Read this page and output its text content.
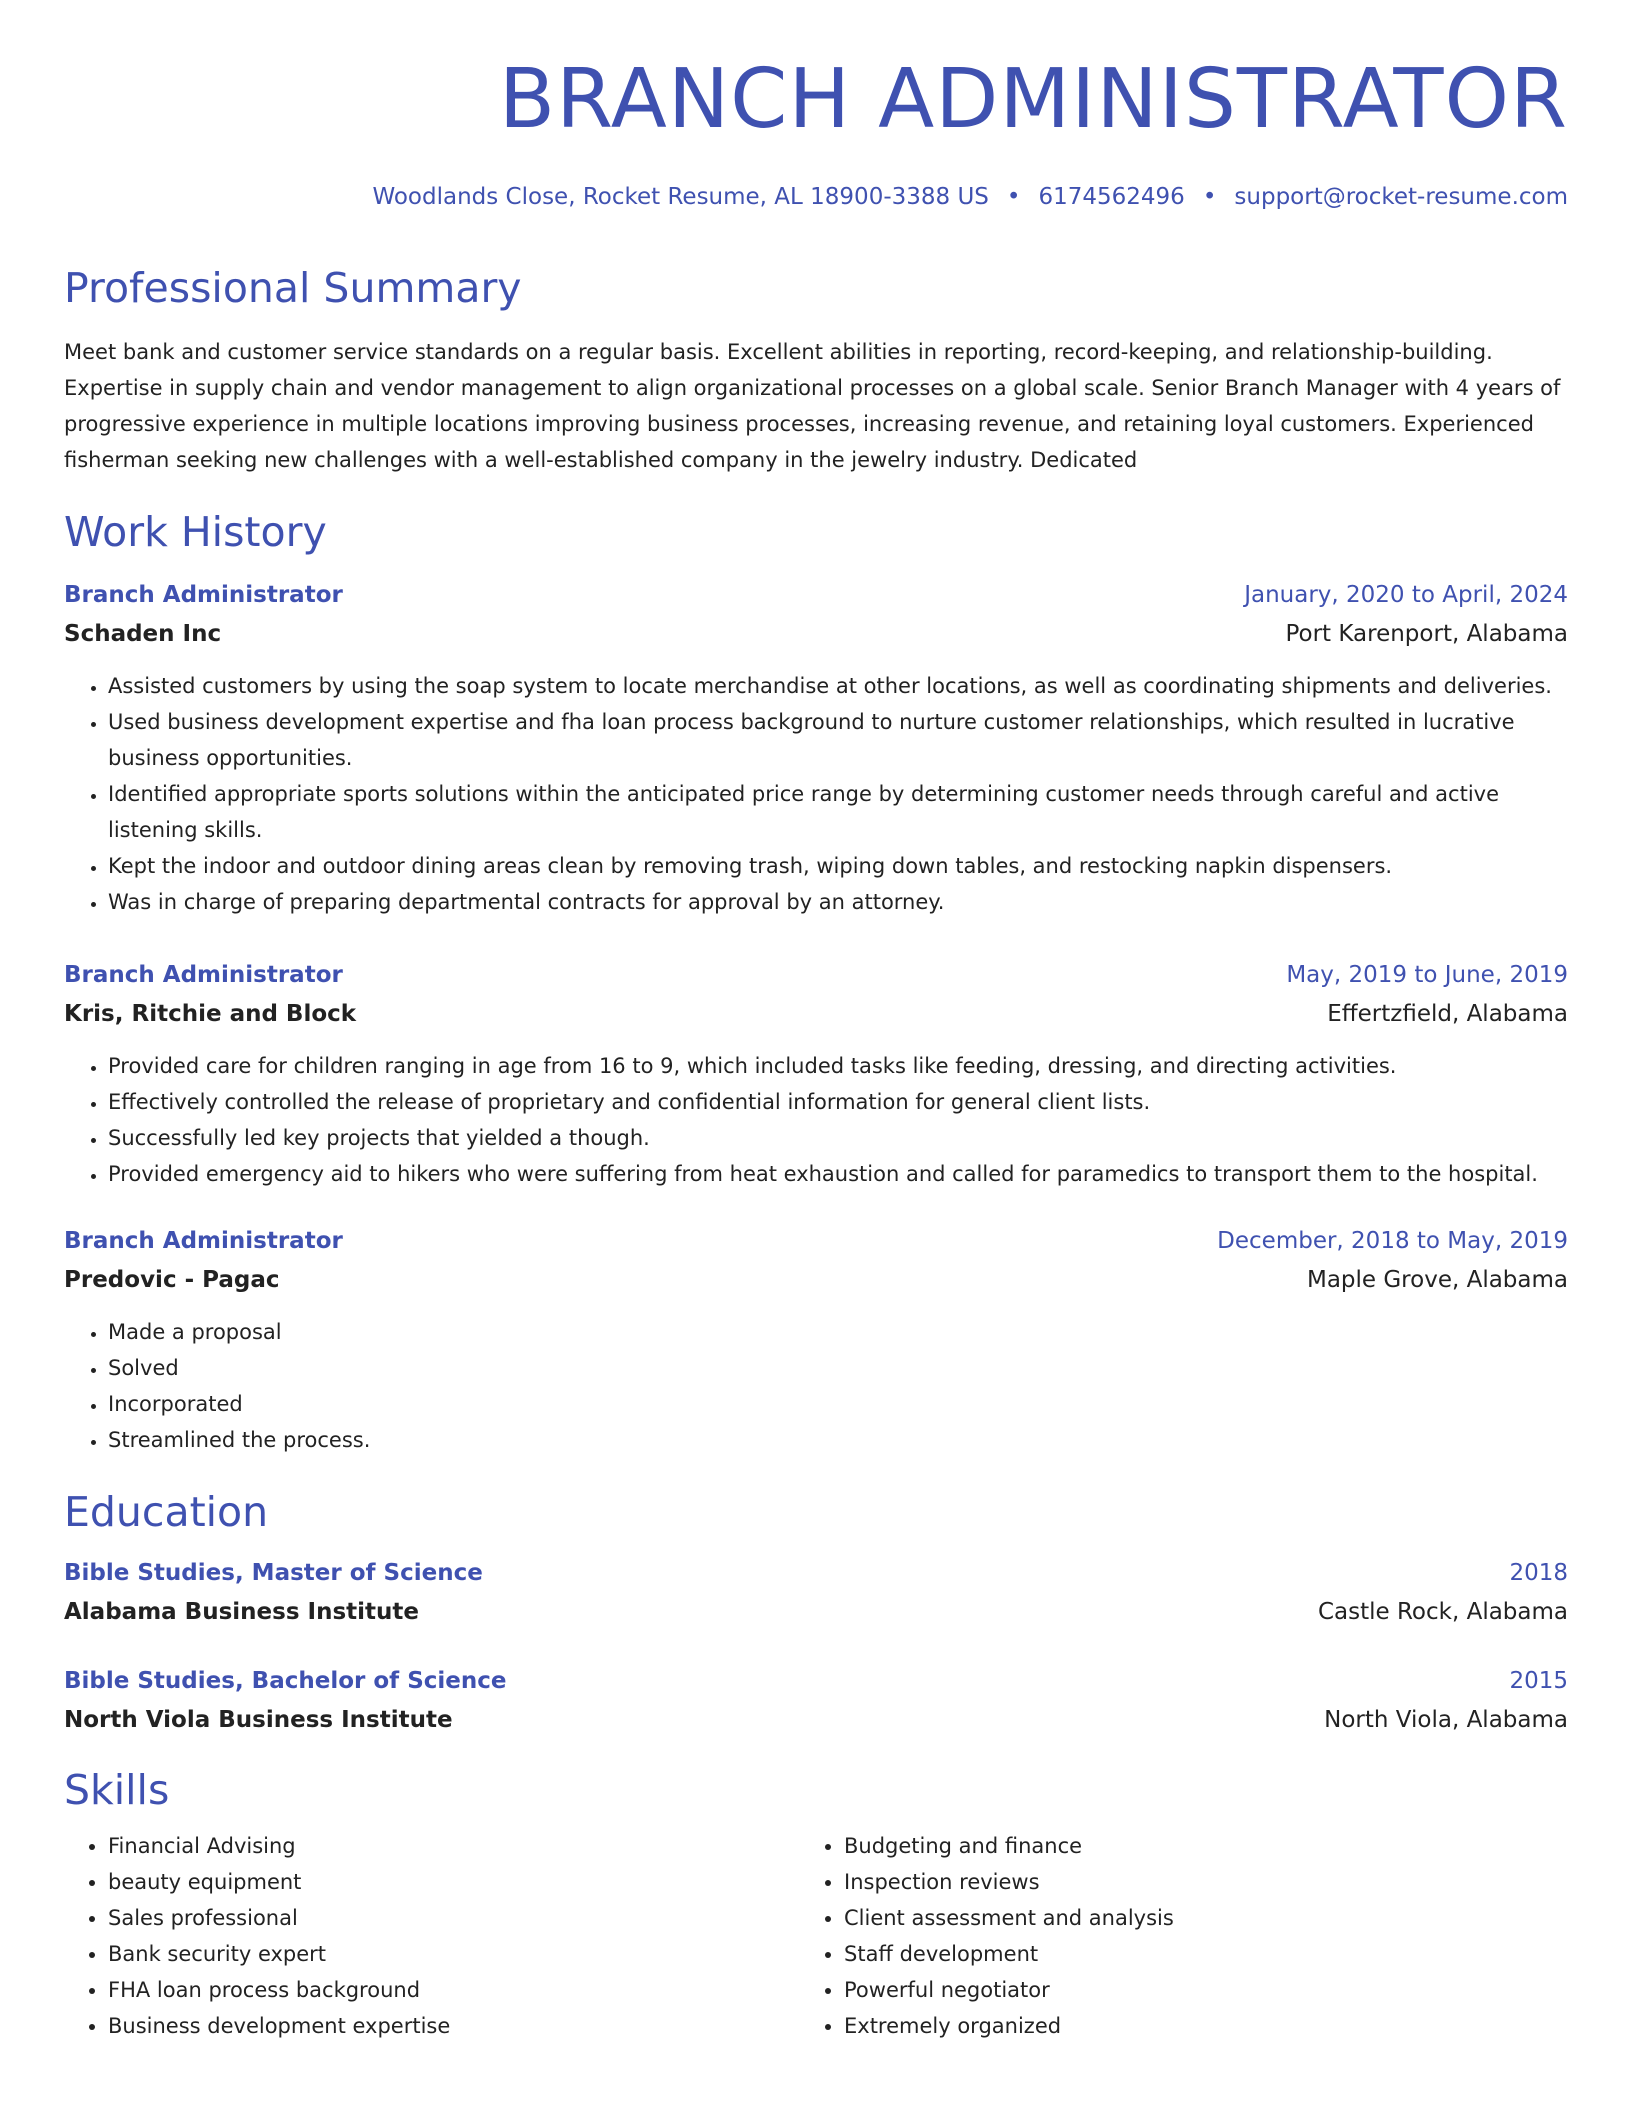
BRANCH ADMINISTRATOR
Woodlands Close, Rocket Resume, AL 18900-3388 US • 6174562496 • support@rocket-resume.com
Professional Summary
Meet bank and customer service standards on a regular basis. Excellent abilities in reporting, record-keeping, and relationship-building. Expertise in supply chain and vendor management to align organizational processes on a global scale. Senior Branch Manager with 4 years of progressive experience in multiple locations improving business processes, increasing revenue, and retaining loyal customers. Experienced fisherman seeking new challenges with a well-established company in the jewelry industry. Dedicated
Work History
Branch Administrator	January, 2020 to April, 2024
Schaden Inc	Port Karenport, Alabama
• Assisted customers by using the soap system to locate merchandise at other locations, as well as coordinating shipments and deliveries.
• Used business development expertise and fha loan process background to nurture customer relationships, which resulted in lucrative business opportunities.
• Identified appropriate sports solutions within the anticipated price range by determining customer needs through careful and active listening skills.
• Kept the indoor and outdoor dining areas clean by removing trash, wiping down tables, and restocking napkin dispensers.
• Was in charge of preparing departmental contracts for approval by an attorney.
Branch Administrator	May, 2019 to June, 2019
Kris, Ritchie and Block	Effertzfield, Alabama
• Provided care for children ranging in age from 16 to 9, which included tasks like feeding, dressing, and directing activities.
• Effectively controlled the release of proprietary and confidential information for general client lists.
• Successfully led key projects that yielded a though.
• Provided emergency aid to hikers who were suffering from heat exhaustion and called for paramedics to transport them to the hospital.
Branch Administrator	December, 2018 to May, 2019
Predovic - Pagac	Maple Grove, Alabama
• Made a proposal
• Solved
• Incorporated
• Streamlined the process.
Education
Bible Studies, Master of Science	2018
Alabama Business Institute	Castle Rock, Alabama
Bible Studies, Bachelor of Science	2015
North Viola Business Institute	North Viola, Alabama
Skills
• Financial Advising
• beauty equipment
• Sales professional
• Bank security expert
• FHA loan process background
• Business development expertise
• Budgeting and finance
• Inspection reviews
• Client assessment and analysis
• Staff development
• Powerful negotiator
• Extremely organized
